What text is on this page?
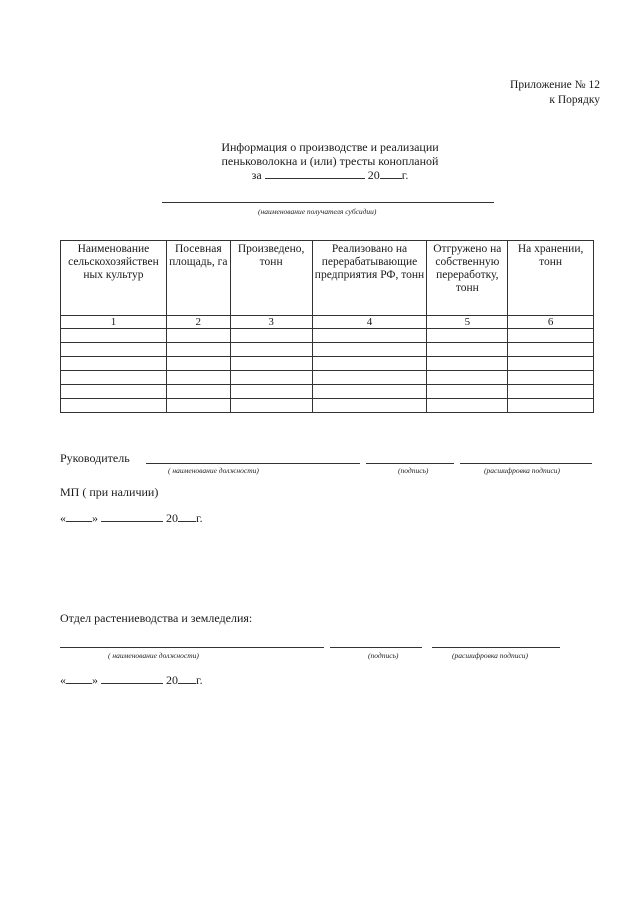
Приложение № 12
к Порядку
Информация о производстве и реализации
пеньковолокна и (или) тресты конопланой
за	20 г.
(наименование получателя субсидии)
Наименование сельскохозяйствен ных культур	Посевная площадь, га	Произведено, тонн	Реализовано на перерабатывающие предприятия РФ, тонн	Отгружено на собственную переработку, тонн	На хранении, тонн
1	2	3	4	5	6

Руководитель
( наименование должности)	(подпись)	(расшифровка подписи)
МП ( при наличии)
« »	20 г.
Отдел растениеводства и земледелия:
( наименование должности)	(подпись)	(расшифровка подписи)
« »	20 г.
